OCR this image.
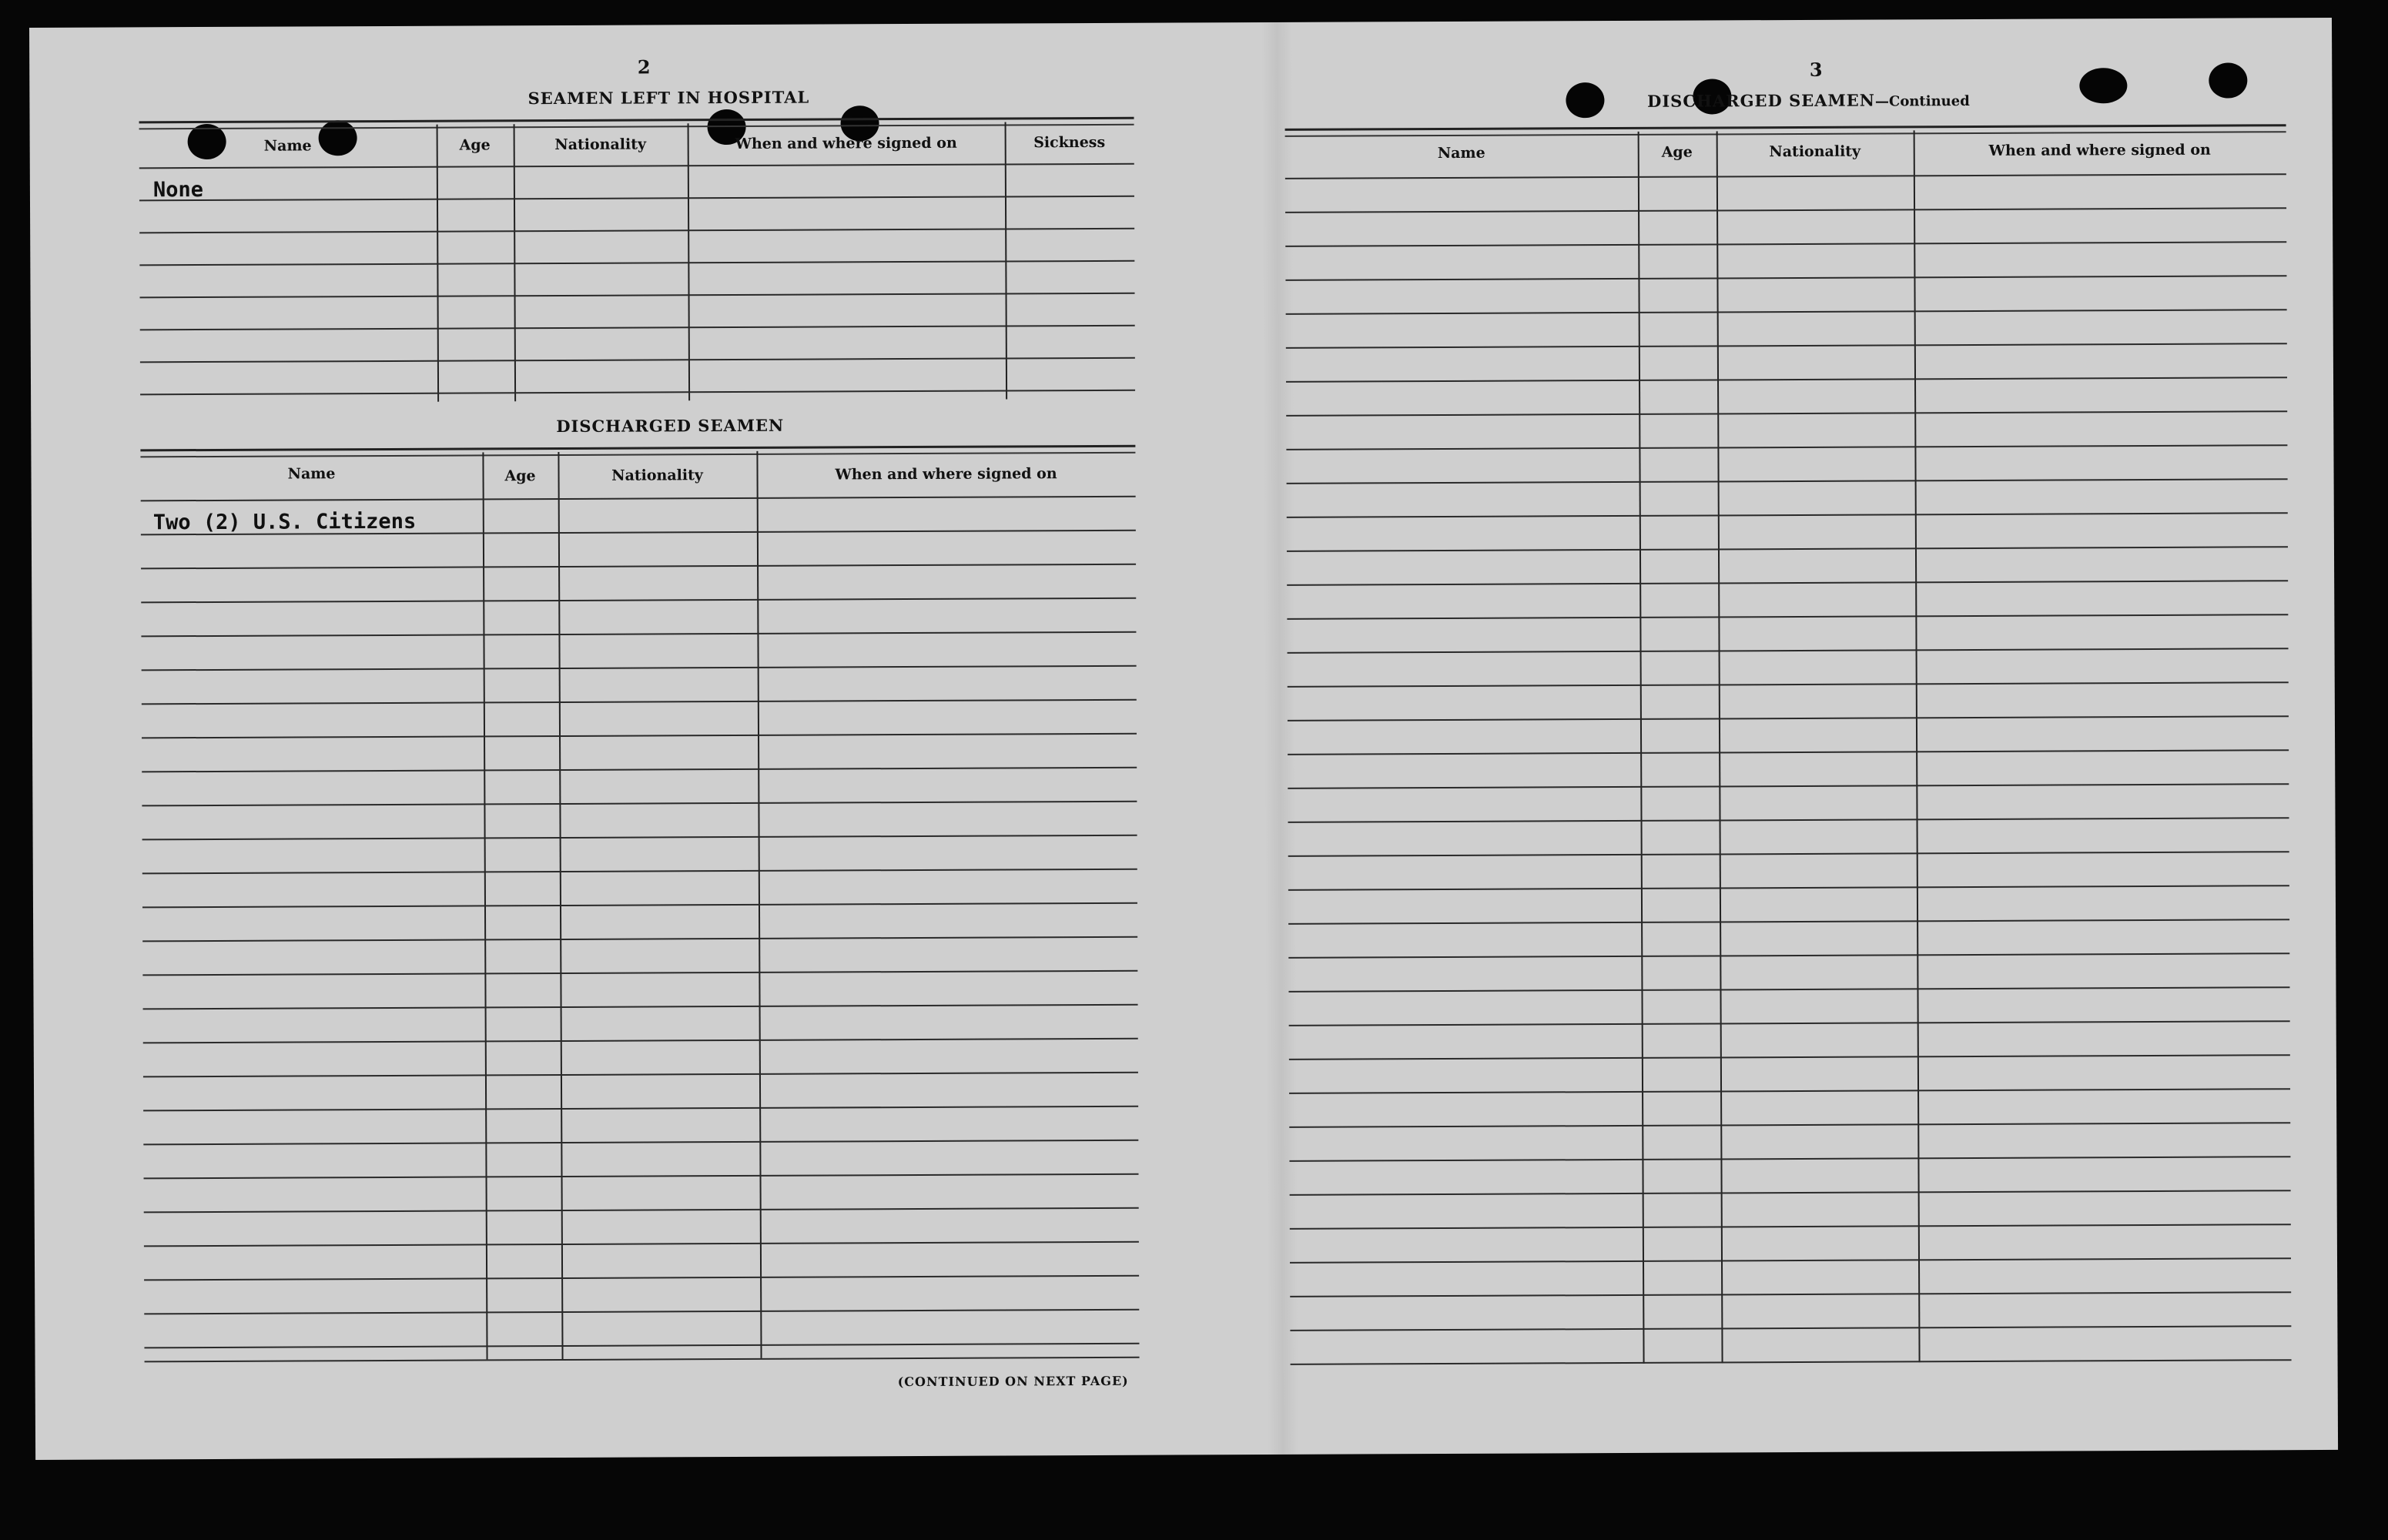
2
SEAMEN LEFT IN HOSPITAL
Name	Age	Nationality	When and where signed on	Sickness
None
DISCHARGED SEAMEN
Name	Age	Nationality	When and where signed on
Two (2) U.S. Citizens
(CONTINUED ON NEXT PAGE)
3
DISCHARGED SEAMEN—Continued
Name	Age	Nationality	When and where signed on
